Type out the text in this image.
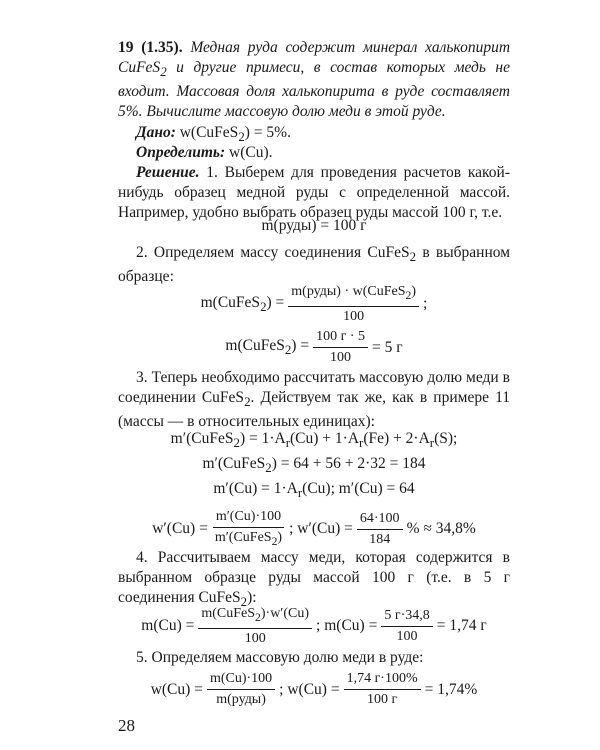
19 (1.35). Медная руда содержит минерал халькопирит CuFeS$_2$ и другие примеси, в состав которых медь не входит. Массовая доля халькопирита в руде составляет 5%. Вычислите массовую долю меди в этой руде.

Дано: w(CuFeS$_2$) = 5%.

Определить: w(Cu).

Решение. 1. Выберем для проведения расчетов какой-нибудь образец медной руды с определенной массой. Например, удобно выбрать образец руды массой 100 г, т.е.

m(руды) = 100 г

2. Определяем массу соединения CuFeS$_2$ в выбранном образце:

m(CuFeS$_2$) = $\frac{m(руды) \cdot w(CuFeS_2)}{100}$ ;
m(CuFeS$_2$) = $\frac{100 г \cdot 5}{100} = 5$ г

3. Теперь необходимо рассчитать массовую долю меди в соединении CuFeS$_2$. Действуем так же, как в примере 11 (массы — в относительных единицах):

m′(CuFeS$_2$) = $1\cdot A_r(Cu) + 1\cdot A_r(Fe) + 2\cdot A_r(S)$;
m′(CuFeS$_2$) = 64 + 56 + 2·32 = 184
$m'(Cu) = 1\cdot A_r(Cu)$; m′(Cu) = 64
$w'(Cu) = \frac{m'(Cu)\cdot 100}{m'(CuFeS_2)}$ ; $w'(Cu) = \frac{64\cdot 100}{184}$ % ≈ 34,8%

4. Рассчитываем массу меди, которая содержится в выбранном образце руды массой 100 г (т.е. в 5 г соединения CuFeS$_2$):

$m(Cu) = \frac{m(CuFeS_2)\cdot w'(Cu)}{100}$ ; $m(Cu) = \frac{5 г\cdot 34,8}{100} = 1,74$ г

5. Определяем массовую долю меди в руде:

$w(Cu) = \frac{m(Cu)\cdot 100}{\text{m(руды)}}$ ; $w(Cu) = \frac{1,74 г\cdot 100\%}{100 г} = 1,74\%$
28
